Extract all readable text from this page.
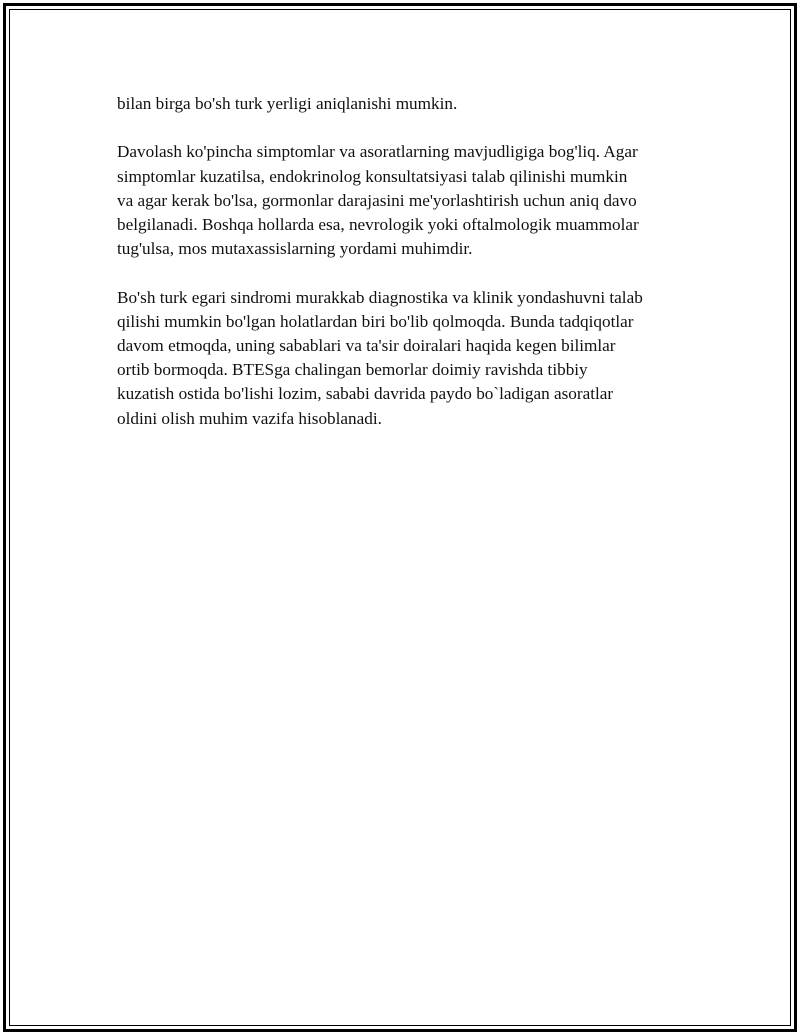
bilan birga bo'sh turk yerligi aniqlanishi mumkin.

Davolash ko'pincha simptomlar va asoratlarning mavjudligiga bog'liq. Agar
simptomlar kuzatilsa, endokrinolog konsultatsiyasi talab qilinishi mumkin
va agar kerak bo'lsa, gormonlar darajasini me'yorlashtirish uchun aniq davo
belgilanadi. Boshqa hollarda esa, nevrologik yoki oftalmologik muammolar
tug'ulsa, mos mutaxassislarning yordami muhimdir.

Bo'sh turk egari sindromi murakkab diagnostika va klinik yondashuvni talab
qilishi mumkin bo'lgan holatlardan biri bo'lib qolmoqda. Bunda tadqiqotlar
davom etmoqda, uning sabablari va ta'sir doiralari haqida kegen bilimlar
ortib bormoqda. BTESga chalingan bemorlar doimiy ravishda tibbiy
kuzatish ostida bo'lishi lozim, sababi davrida paydo bo`ladigan asoratlar
oldini olish muhim vazifa hisoblanadi.
